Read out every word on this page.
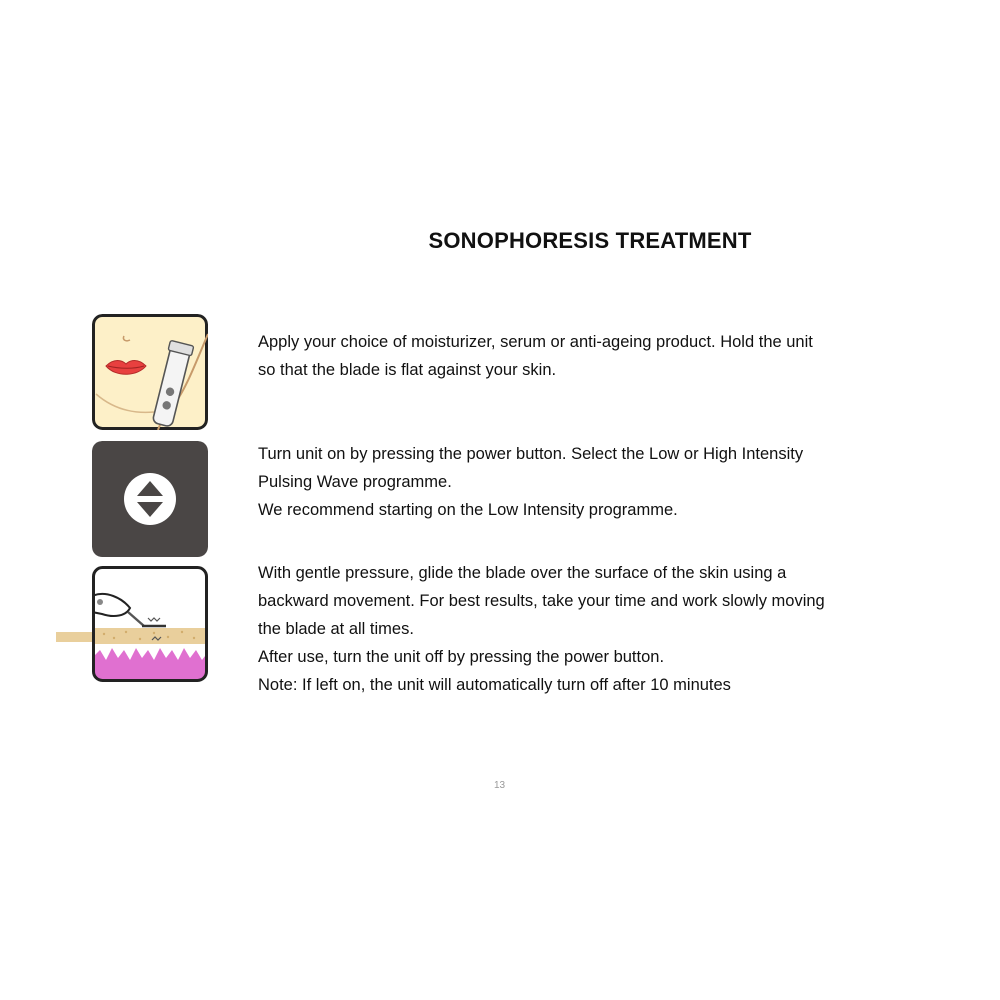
SONOPHORESIS TREATMENT

Apply your choice of moisturizer, serum or anti-ageing product. Hold the unit

so that the blade is flat against your skin.

Turn unit on by pressing the power button. Select the Low or High Intensity

Pulsing Wave programme.

We recommend starting on the Low Intensity programme.

With gentle pressure, glide the blade over the surface of the skin using a

backward movement. For best results, take your time and work slowly moving

the blade at all times.

After use, turn the unit off by pressing the power button.

Note: If left on, the unit will automatically turn off after 10 minutes

13
